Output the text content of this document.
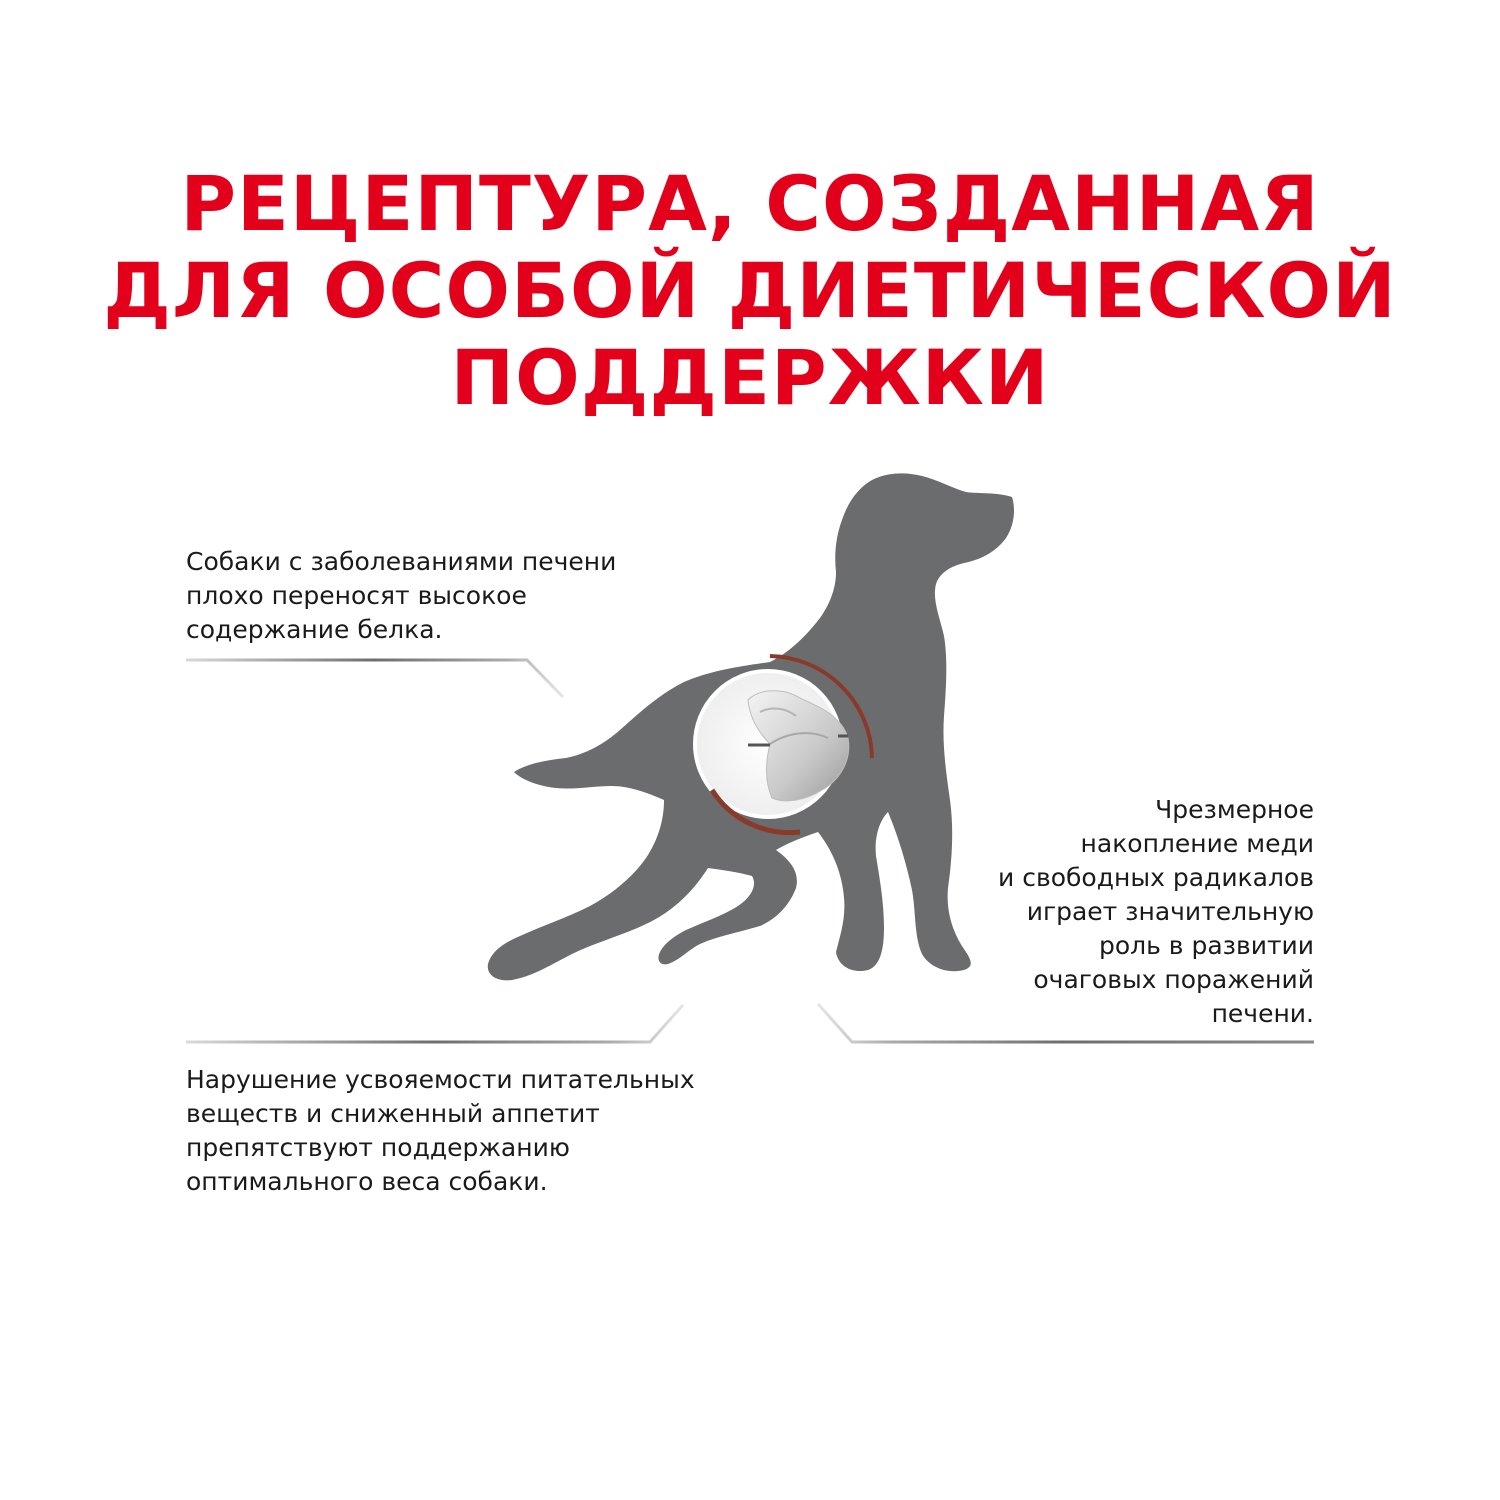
РЕЦЕПТУРА, СОЗДАННАЯ
ДЛЯ ОСОБОЙ ДИЕТИЧЕСКОЙ
ПОДДЕРЖКИ

Собаки с заболеваниями печени
плохо переносят высокое
содержание белка.

Чрезмерное
накопление меди
и свободных радикалов
играет значительную
роль в развитии
очаговых поражений
печени.

Нарушение усвояемости питательных
веществ и сниженный аппетит
препятствуют поддержанию
оптимального веса собаки.
